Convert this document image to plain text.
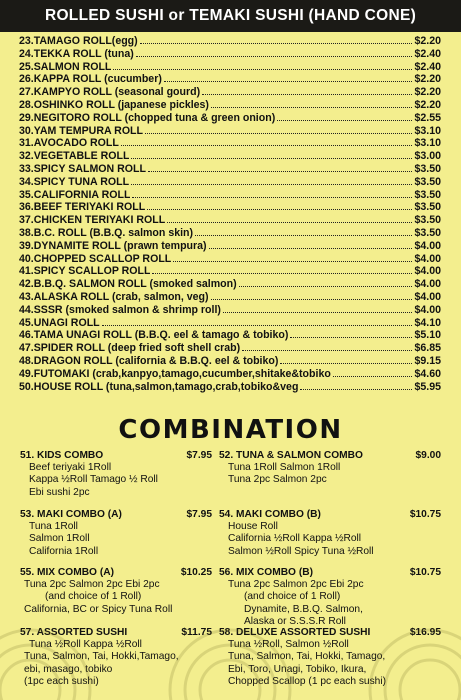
ROLLED SUSHI or TEMAKI SUSHI (HAND CONE)
23.TAMAGO ROLL(egg)	$2.20
24.TEKKA ROLL (tuna)	$2.40
25.SALMON ROLL	$2.40
26.KAPPA ROLL (cucumber)	$2.20
27.KAMPYO ROLL (seasonal gourd)	$2.20
28.OSHINKO ROLL (japanese pickles)	$2.20
29.NEGITORO ROLL (chopped tuna & green onion)	$2.55
30.YAM TEMPURA ROLL	$3.10
31.AVOCADO ROLL	$3.10
32.VEGETABLE ROLL	$3.00
33.SPICY SALMON ROLL	$3.50
34.SPICY TUNA ROLL	$3.50
35.CALIFORNIA ROLL	$3.50
36.BEEF TERIYAKI ROLL	$3.50
37.CHICKEN TERIYAKI ROLL	$3.50
38.B.C. ROLL (B.B.Q. salmon skin)	$3.50
39.DYNAMITE ROLL (prawn tempura)	$4.00
40.CHOPPED SCALLOP ROLL	$4.00
41.SPICY SCALLOP ROLL	$4.00
42.B.B.Q. SALMON ROLL (smoked salmon)	$4.00
43.ALASKA ROLL (crab, salmon, veg)	$4.00
44.SSSR (smoked salmon & shrimp roll)	$4.00
45.UNAGI ROLL	$4.10
46.TAMA UNAGI ROLL (B.B.Q. eel & tamago & tobiko)	$5.10
47.SPIDER ROLL (deep fried soft shell crab)	$6.85
48.DRAGON ROLL (california & B.B.Q. eel & tobiko)	$9.15
49.FUTOMAKI (crab,kanpyo,tamago,cucumber,shitake&tobiko	$4.60
50.HOUSE ROLL (tuna,salmon,tamago,crab,tobiko&veg	$5.95
COMBINATION
51. KIDS COMBO	$7.95
Beef teriyaki 1Roll
Kappa ½Roll Tamago ½ Roll
Ebi sushi 2pc
52. TUNA & SALMON COMBO	$9.00
Tuna 1Roll Salmon 1Roll
Tuna 2pc Salmon 2pc
53. MAKI COMBO (A)	$7.95
Tuna 1Roll
Salmon 1Roll
California 1Roll
54. MAKI COMBO (B)	$10.75
House Roll
California ½Roll Kappa ½Roll
Salmon ½Roll Spicy Tuna ½Roll
55. MIX COMBO (A)	$10.25
Tuna 2pc Salmon 2pc Ebi 2pc
(and choice of 1 Roll)
California, BC or Spicy Tuna Roll
56. MIX COMBO (B)	$10.75
Tuna 2pc Salmon 2pc Ebi 2pc
(and choice of 1 Roll)
Dynamite, B.B.Q. Salmon,
Alaska or S.S.S.R Roll
57. ASSORTED SUSHI	$11.75
Tuna ½Roll Kappa ½Roll
Tuna, Salmon, Tai, Hokki,Tamago,
ebi, masago, tobiko
(1pc each sushi)
58. DELUXE ASSORTED SUSHI	$16.95
Tuna ½Roll, Salmon ½Roll
Tuna, Salmon, Tai, Hokki, Tamago,
Ebi, Toro, Unagi, Tobiko, Ikura,
Chopped Scallop (1 pc each sushi)
